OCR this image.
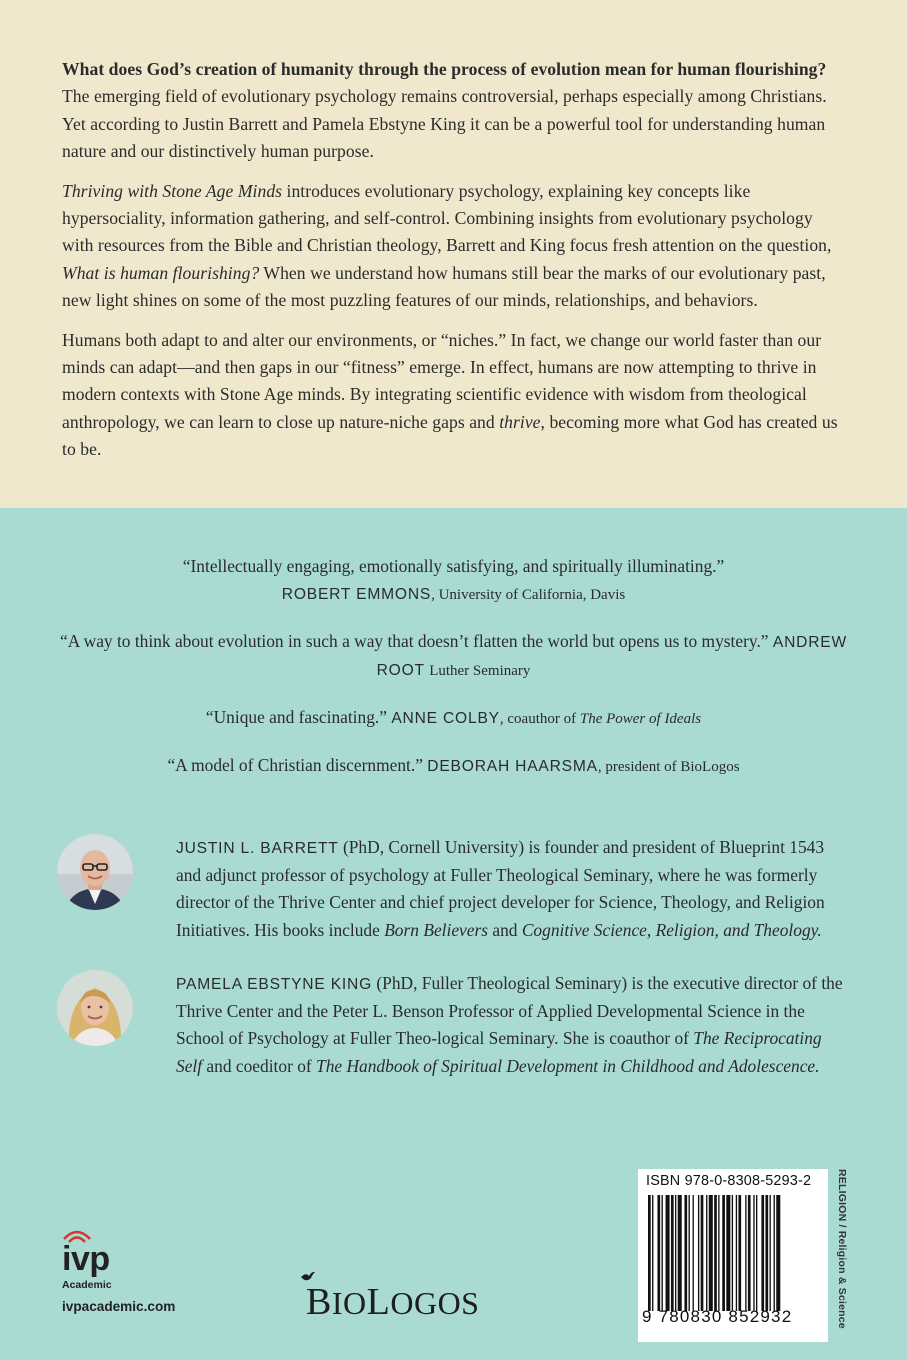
What does God’s creation of humanity through the process of evolution mean for human flourishing? The emerging field of evolutionary psychology remains controversial, perhaps especially among Christians. Yet according to Justin Barrett and Pamela Ebstyne King it can be a powerful tool for understanding human nature and our distinctively human purpose.

Thriving with Stone Age Minds introduces evolutionary psychology, explaining key concepts like hypersociality, information gathering, and self-control. Combining insights from evolutionary psychology with resources from the Bible and Christian theology, Barrett and King focus fresh attention on the question, What is human flourishing? When we understand how humans still bear the marks of our evolutionary past, new light shines on some of the most puzzling features of our minds, relationships, and behaviors.

Humans both adapt to and alter our environments, or “niches.” In fact, we change our world faster than our minds can adapt—and then gaps in our “fitness” emerge. In effect, humans are now attempting to thrive in modern contexts with Stone Age minds. By integrating scientific evidence with wisdom from theological anthropology, we can learn to close up nature-niche gaps and thrive, becoming more what God has created us to be.

“Intellectually engaging, emotionally satisfying, and spiritually illuminating.”
ROBERT EMMONS, University of California, Davis
“A way to think about evolution in such a way that doesn’t flatten the world but opens us to mystery.” ANDREW ROOT Luther Seminary
“Unique and fascinating.” ANNE COLBY, coauthor of The Power of Ideals
“A model of Christian discernment.” DEBORAH HAARSMA, president of BioLogos
JUSTIN L. BARRETT (PhD, Cornell University) is founder and president of Blueprint 1543 and adjunct professor of psychology at Fuller Theological Seminary, where he was formerly director of the Thrive Center and chief project developer for Science, Theology, and Religion Initiatives. His books include Born Believers and Cognitive Science, Religion, and Theology.
PAMELA EBSTYNE KING (PhD, Fuller Theological Seminary) is the executive director of the Thrive Center and the Peter L. Benson Professor of Applied Developmental Science in the School of Psychology at Fuller Theo-logical Seminary. She is coauthor of The Reciprocating Self and coeditor of The Handbook of Spiritual Development in Childhood and Adolescence.
ivp
Academic
ivpacademic.com	BIOLOGOS
ISBN 978-0-8308-5293-2
9 780830 852932	RELIGION / Religion & Science
